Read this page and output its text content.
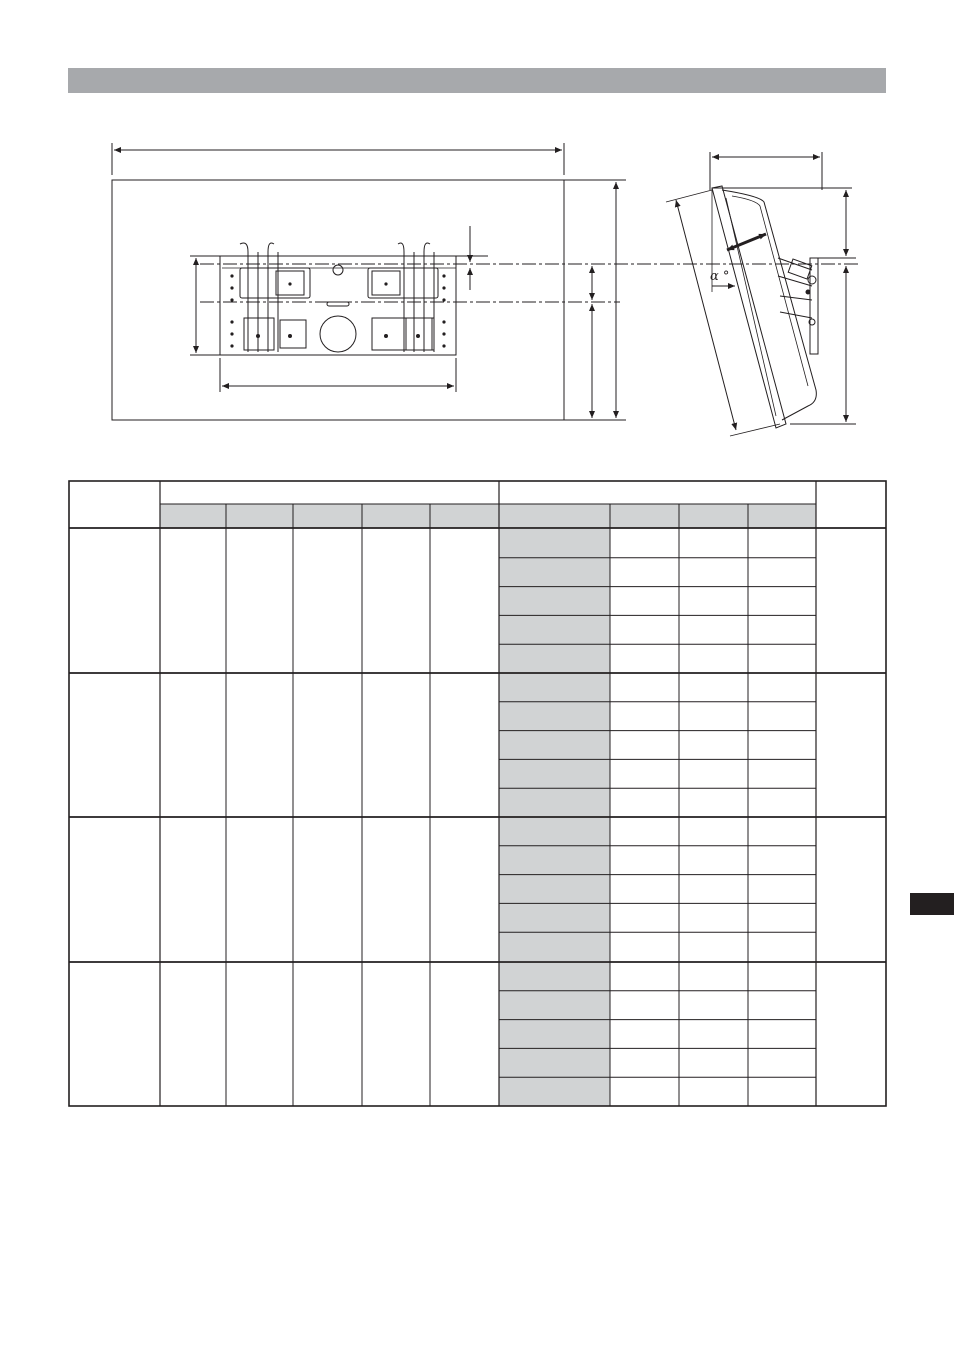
α °
